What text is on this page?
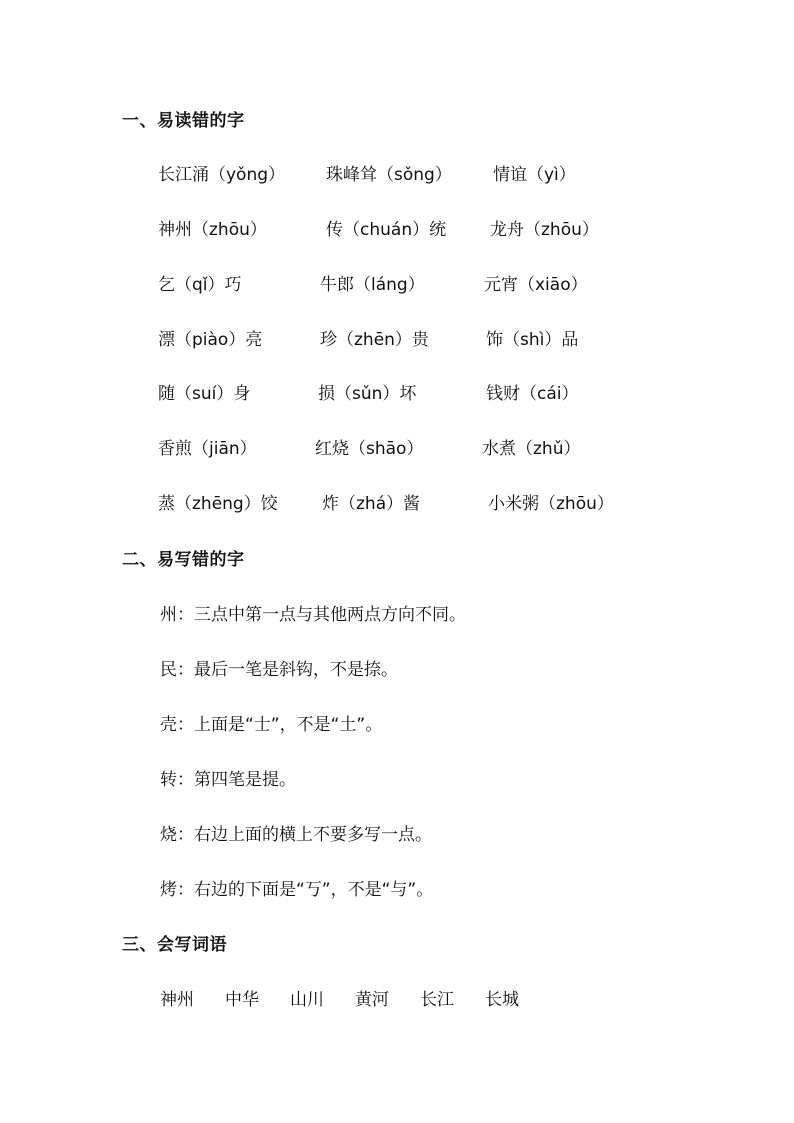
一、易读错的字
长江涌（yǒng） 珠峰耸（sǒng） 情谊（yì）
神州（zhōu）	传（chuán）统	龙舟（zhōu）
乞（qǐ）巧	牛郎（láng）	元宵（xiāo）
漂（piào）亮	珍（zhēn）贵	饰（shì）品
随（suí）身	损（sǔn）坏	钱财（cái）
香煎（jiān）	红烧（shāo）	水煮（zhǔ）
蒸（zhēng）饺	炸（zhá）酱	小米粥（zhōu）
二、易写错的字
州：三点中第一点与其他两点方向不同。
民：最后一笔是斜钩，不是捺。
壳：上面是“士”，不是“土”。
转：第四笔是提。
烧：右边上面的横上不要多写一点。
烤：右边的下面是“丂”，不是“与”。
三、会写词语
神州 中华 山川 黄河 长江 长城
